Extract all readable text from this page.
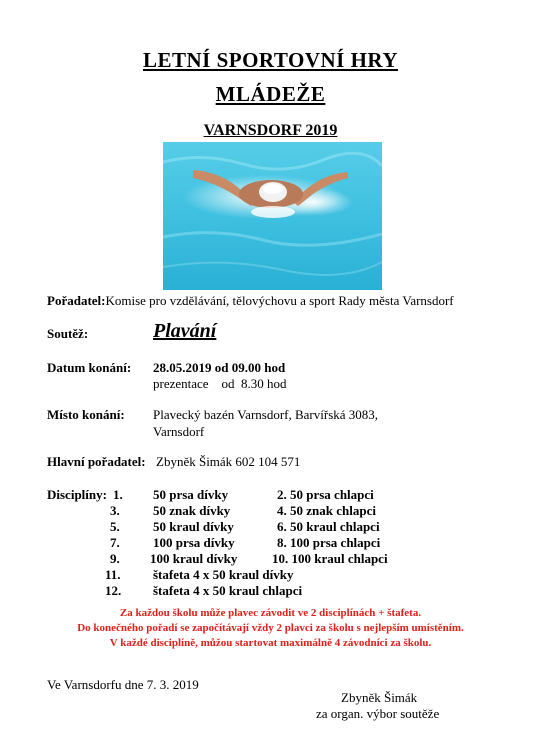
LETNÍ SPORTOVNÍ HRY
MLÁDEŽE
VARNSDORF 2019
Pořadatel:Komise pro vzdělávání, tělovýchovu a sport Rady města Varnsdorf
Soutěž:	Plavání
Datum konání: 28.05.2019 od 09.00 hod
prezentace    od  8.30 hod
Místo konání: Plavecký bazén Varnsdorf, Barvířská 3083,
Varnsdorf
Hlavní pořadatel: Zbyněk Šimák 602 104 571
Disciplíny: 1. 50 prsa dívky	2. 50 prsa chlapci
3.	50 znak dívky	4. 50 znak chlapci
5.	50 kraul dívky	6. 50 kraul chlapci
7.	100 prsa dívky	8. 100 prsa chlapci
9. 100 kraul dívky	10. 100 kraul chlapci
11. štafeta 4 x 50 kraul dívky
12. štafeta 4 x 50 kraul chlapci
Za každou školu může plavec závodit ve 2 disciplínách + štafeta.
Do konečného pořadí se započítávají vždy 2 plavci za školu s nejlepším umístěním.
V každé disciplíně, můžou startovat maximálně 4 závodníci za školu.
Ve Varnsdorfu dne 7. 3. 2019
Zbyněk Šimák
za organ. výbor soutěže
